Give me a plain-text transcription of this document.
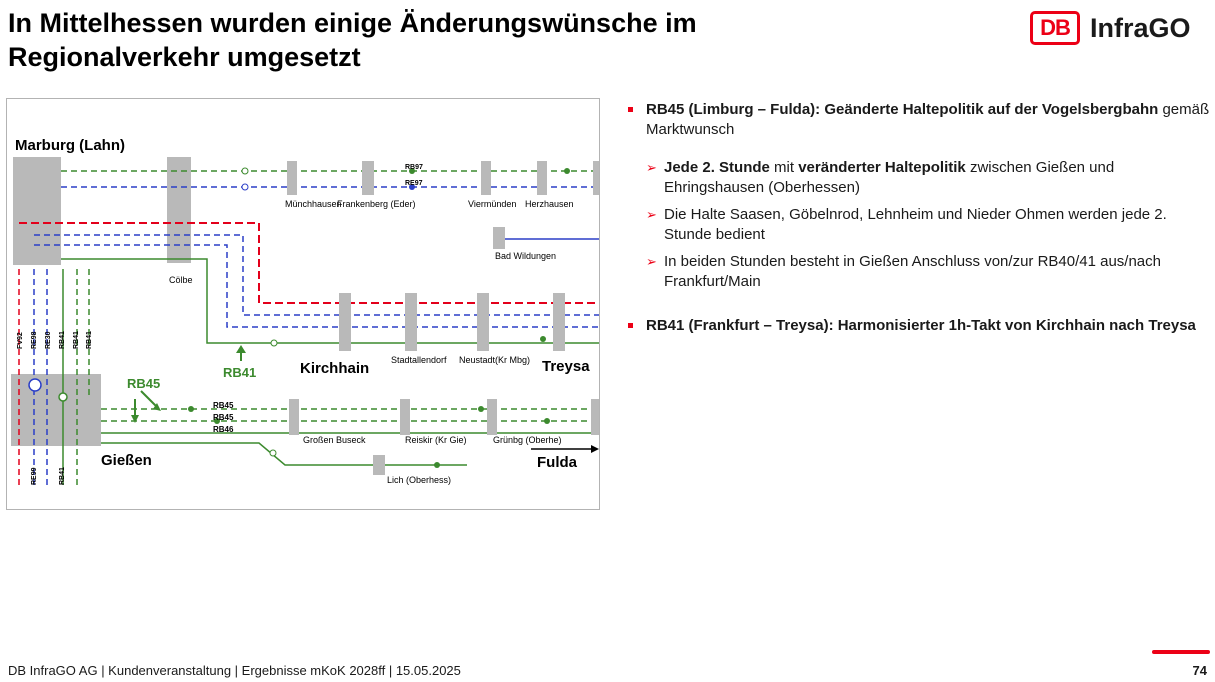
In Mittelhessen wurden einige Änderungswünsche im
Regionalverkehr umgesetzt
DB InfraGO
Marburg (Lahn)
Gießen
Kirchhain	Treysa
Fulda
Cölbe
Münchhausen
Frankenberg (Eder)	Viermünden Herzhausen
Bad Wildungen
Stadtallendorf Neustadt(Kr Mbg)
Großen Buseck	Reiskir (Kr Gie)	Grünbg (Oberhe)
Lich (Oberhess)
RB41
RB45
RB45
RB45
RB46
RB97
RE97
FV92 RE98 RE30 RB41 RB41 RB41
RE99	RB41
RB45 (Limburg – Fulda): Geänderte Haltepolitik auf der Vogelsbergbahn gemäß Marktwunsch
➢ Jede 2. Stunde mit veränderter Haltepolitik zwischen Gießen und Ehringshausen (Oberhessen)
➢ Die Halte Saasen, Göbelnrod, Lehnheim und Nieder Ohmen werden jede 2. Stunde bedient
➢ In beiden Stunden besteht in Gießen Anschluss von/zur RB40/41 aus/nach Frankfurt/Main
RB41 (Frankfurt – Treysa): Harmonisierter 1h-Takt von Kirchhain nach Treysa
DB InfraGO AG | Kundenveranstaltung | Ergebnisse mKoK 2028ff | 15.05.2025	74
